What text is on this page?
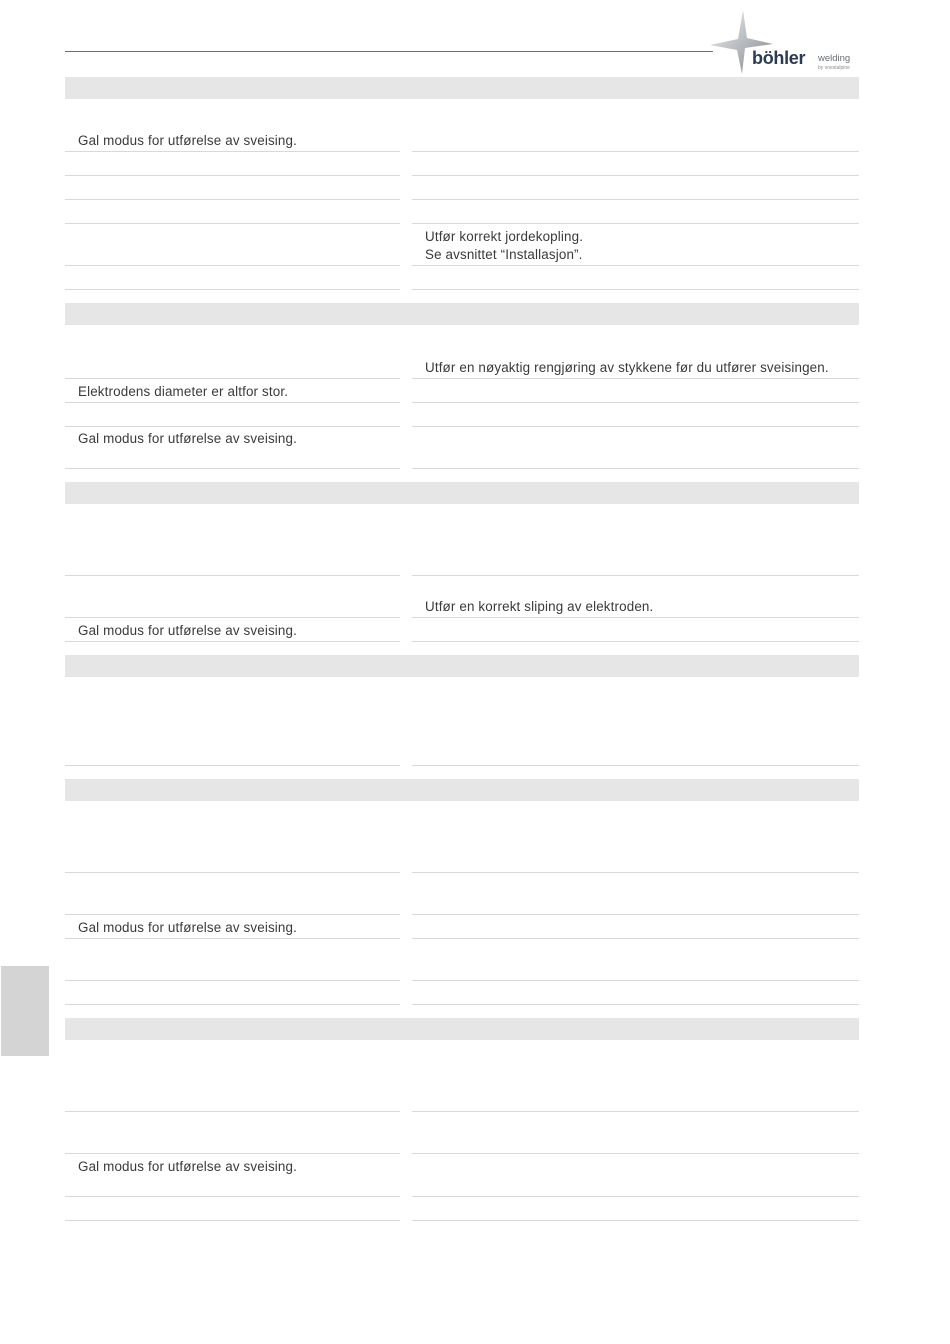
böhler welding
by voestalpine
Gal modus for utførelse av sveising.
Utfør korrekt jordekopling.
Se avsnittet “Installasjon”.
Utfør en nøyaktig rengjøring av stykkene før du utfører sveisingen.
Elektrodens diameter er altfor stor.
Gal modus for utførelse av sveising.
Utfør en korrekt sliping av elektroden.
Gal modus for utførelse av sveising.
Gal modus for utførelse av sveising.
Gal modus for utførelse av sveising.
